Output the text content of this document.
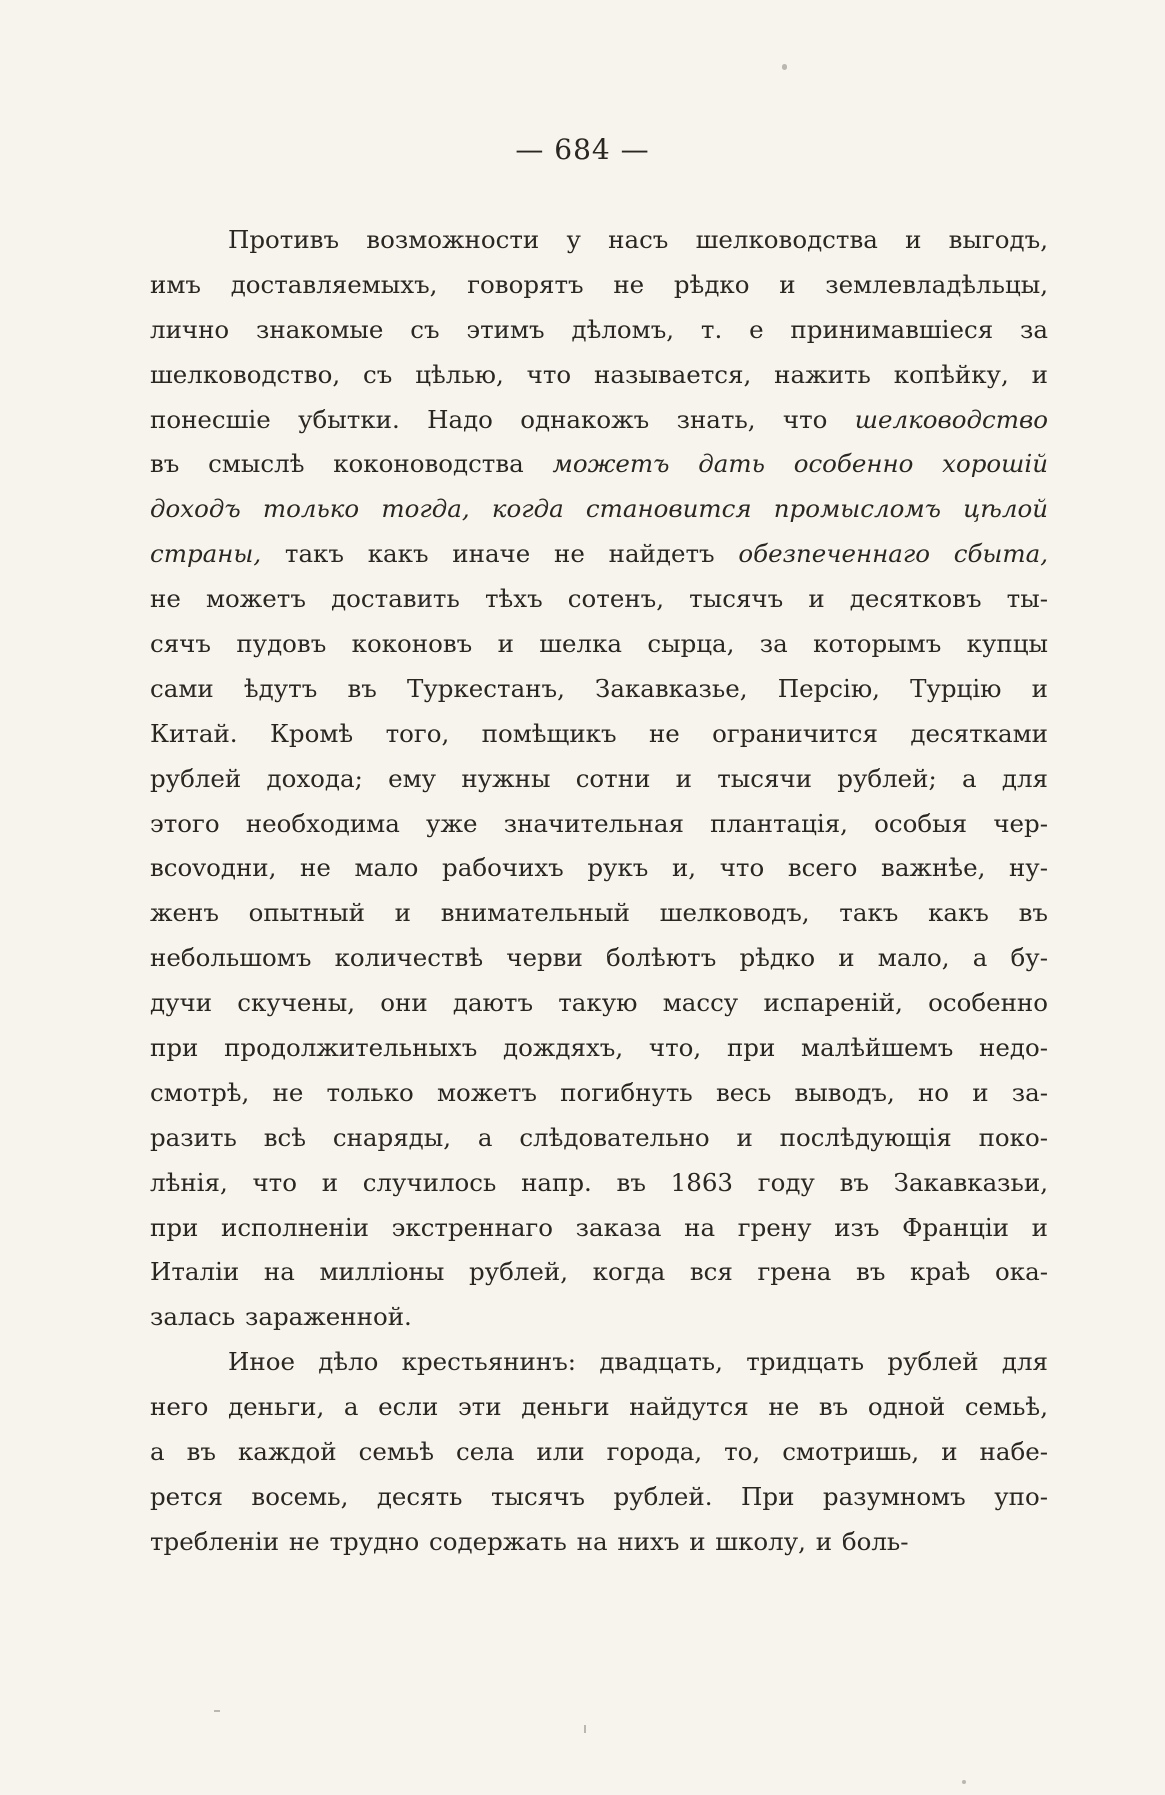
— 684 —
Противъ возможности у насъ шелководства и выгодъ,
имъ доставляемыхъ, говорятъ не рѣдко и землевладѣльцы,
лично знакомые съ этимъ дѣломъ, т. е принимавшіеся за
шелководство, съ цѣлью, что называется, нажить копѣйку, и
понесшіе убытки. Надо однакожъ знать, что шелководство
въ смыслѣ коконоводства можетъ дать особенно хорошій
доходъ только тогда, когда становится промысломъ цѣлой
страны, такъ какъ иначе не найдетъ обезпеченнаго сбыта,
не можетъ доставить тѣхъ сотенъ, тысячъ и десятковъ ты-
сячъ пудовъ коконовъ и шелка сырца, за которымъ купцы
сами ѣдутъ въ Туркестанъ, Закавказье, Персію, Турцію и
Китай. Кромѣ того, помѣщикъ не ограничится десятками
рублей дохода; ему нужны сотни и тысячи рублей; а для
этого необходима уже значительная плантація, особыя чер-
вcovодни, не мало рабочихъ рукъ и, что всего важнѣе, ну-
женъ опытный и внимательный шелководъ, такъ какъ въ
небольшомъ количествѣ черви болѣютъ рѣдко и мало, а бу-
дучи скучены, они даютъ такую массу испареній, особенно
при продолжительныхъ дождяхъ, что, при малѣйшемъ недо-
смотрѣ, не только можетъ погибнуть весь выводъ, но и за-
разить всѣ снаряды, а слѣдовательно и послѣдующія поко-
лѣнія, что и случилось напр. въ 1863 году въ Закавказьи,
при исполненіи экстреннаго заказа на грену изъ Франціи и
Италіи на милліоны рублей, когда вся грена въ краѣ ока-
залась зараженной.
Иное дѣло крестьянинъ: двадцать, тридцать рублей для
него деньги, а если эти деньги найдутся не въ одной семьѣ,
а въ каждой семьѣ села или города, то, смотришь, и набе-
рется восемь, десять тысячъ рублей. При разумномъ упо-
требленіи не трудно содержать на нихъ и школу, и боль-
